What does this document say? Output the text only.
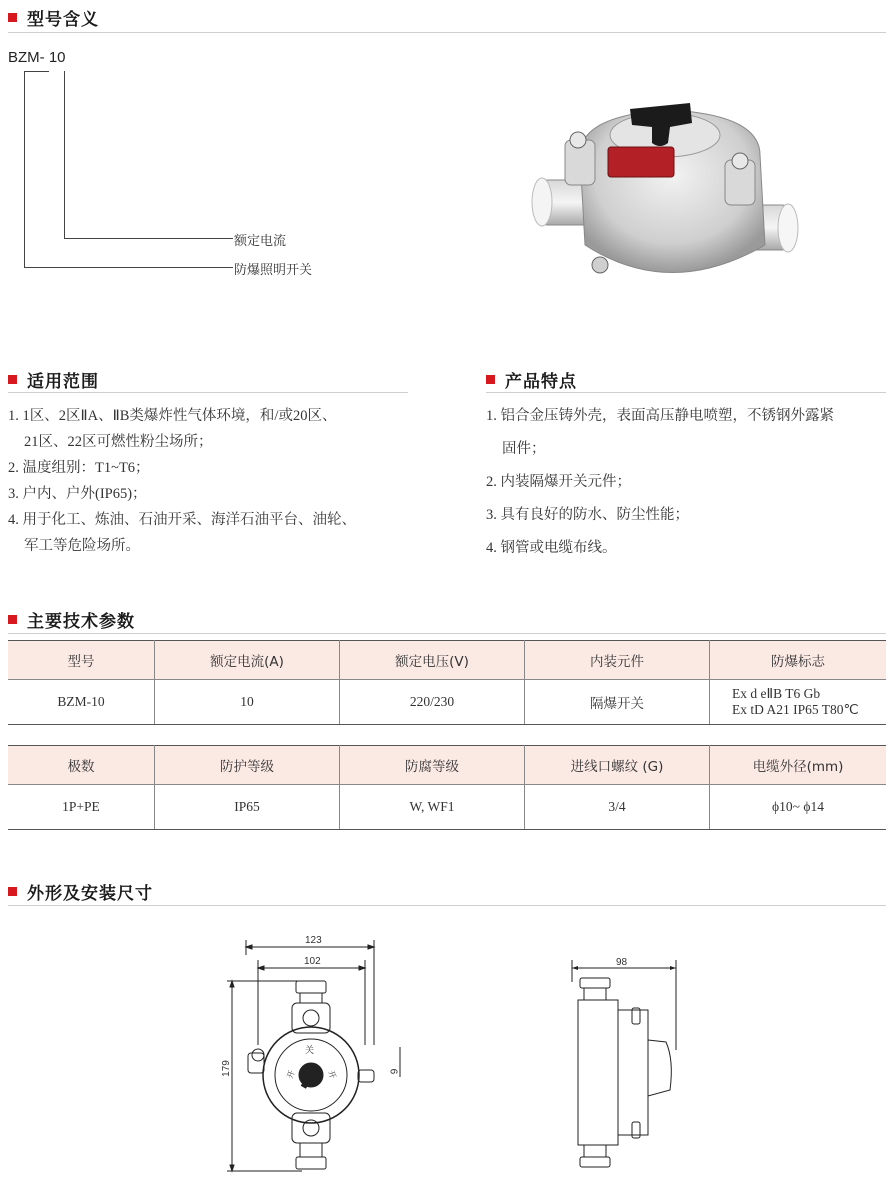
型号含义
BZM- 10
额定电流
防爆照明开关
适用范围
1. 1区、2区ⅡA、ⅡB类爆炸性气体环境，和/或20区、
21区、22区可燃性粉尘场所；
2. 温度组别：T1~T6；
3. 户内、户外(IP65)；
4. 用于化工、炼油、石油开采、海洋石油平台、油轮、
军工等危险场所。
产品特点
1. 铝合金压铸外壳，表面高压静电喷塑，不锈钢外露紧
固件；
2. 内装隔爆开关元件；
3. 具有良好的防水、防尘性能；
4. 钢管或电缆布线。
主要技术参数
型号	额定电流(A)	额定电压(V)	内装元件	防爆标志
BZM-10	10	220/230	隔爆开关	Ex d eⅡB T6 Gb
Ex tD A21 IP65 T80℃
极数	防护等级	防腐等级	进线口螺纹 (G)	电缆外径(mm)
1P+PE	IP65	W, WF1	3/4	ϕ10~ ϕ14
外形及安装尺寸
123
102
179	9
关
开	开
98
